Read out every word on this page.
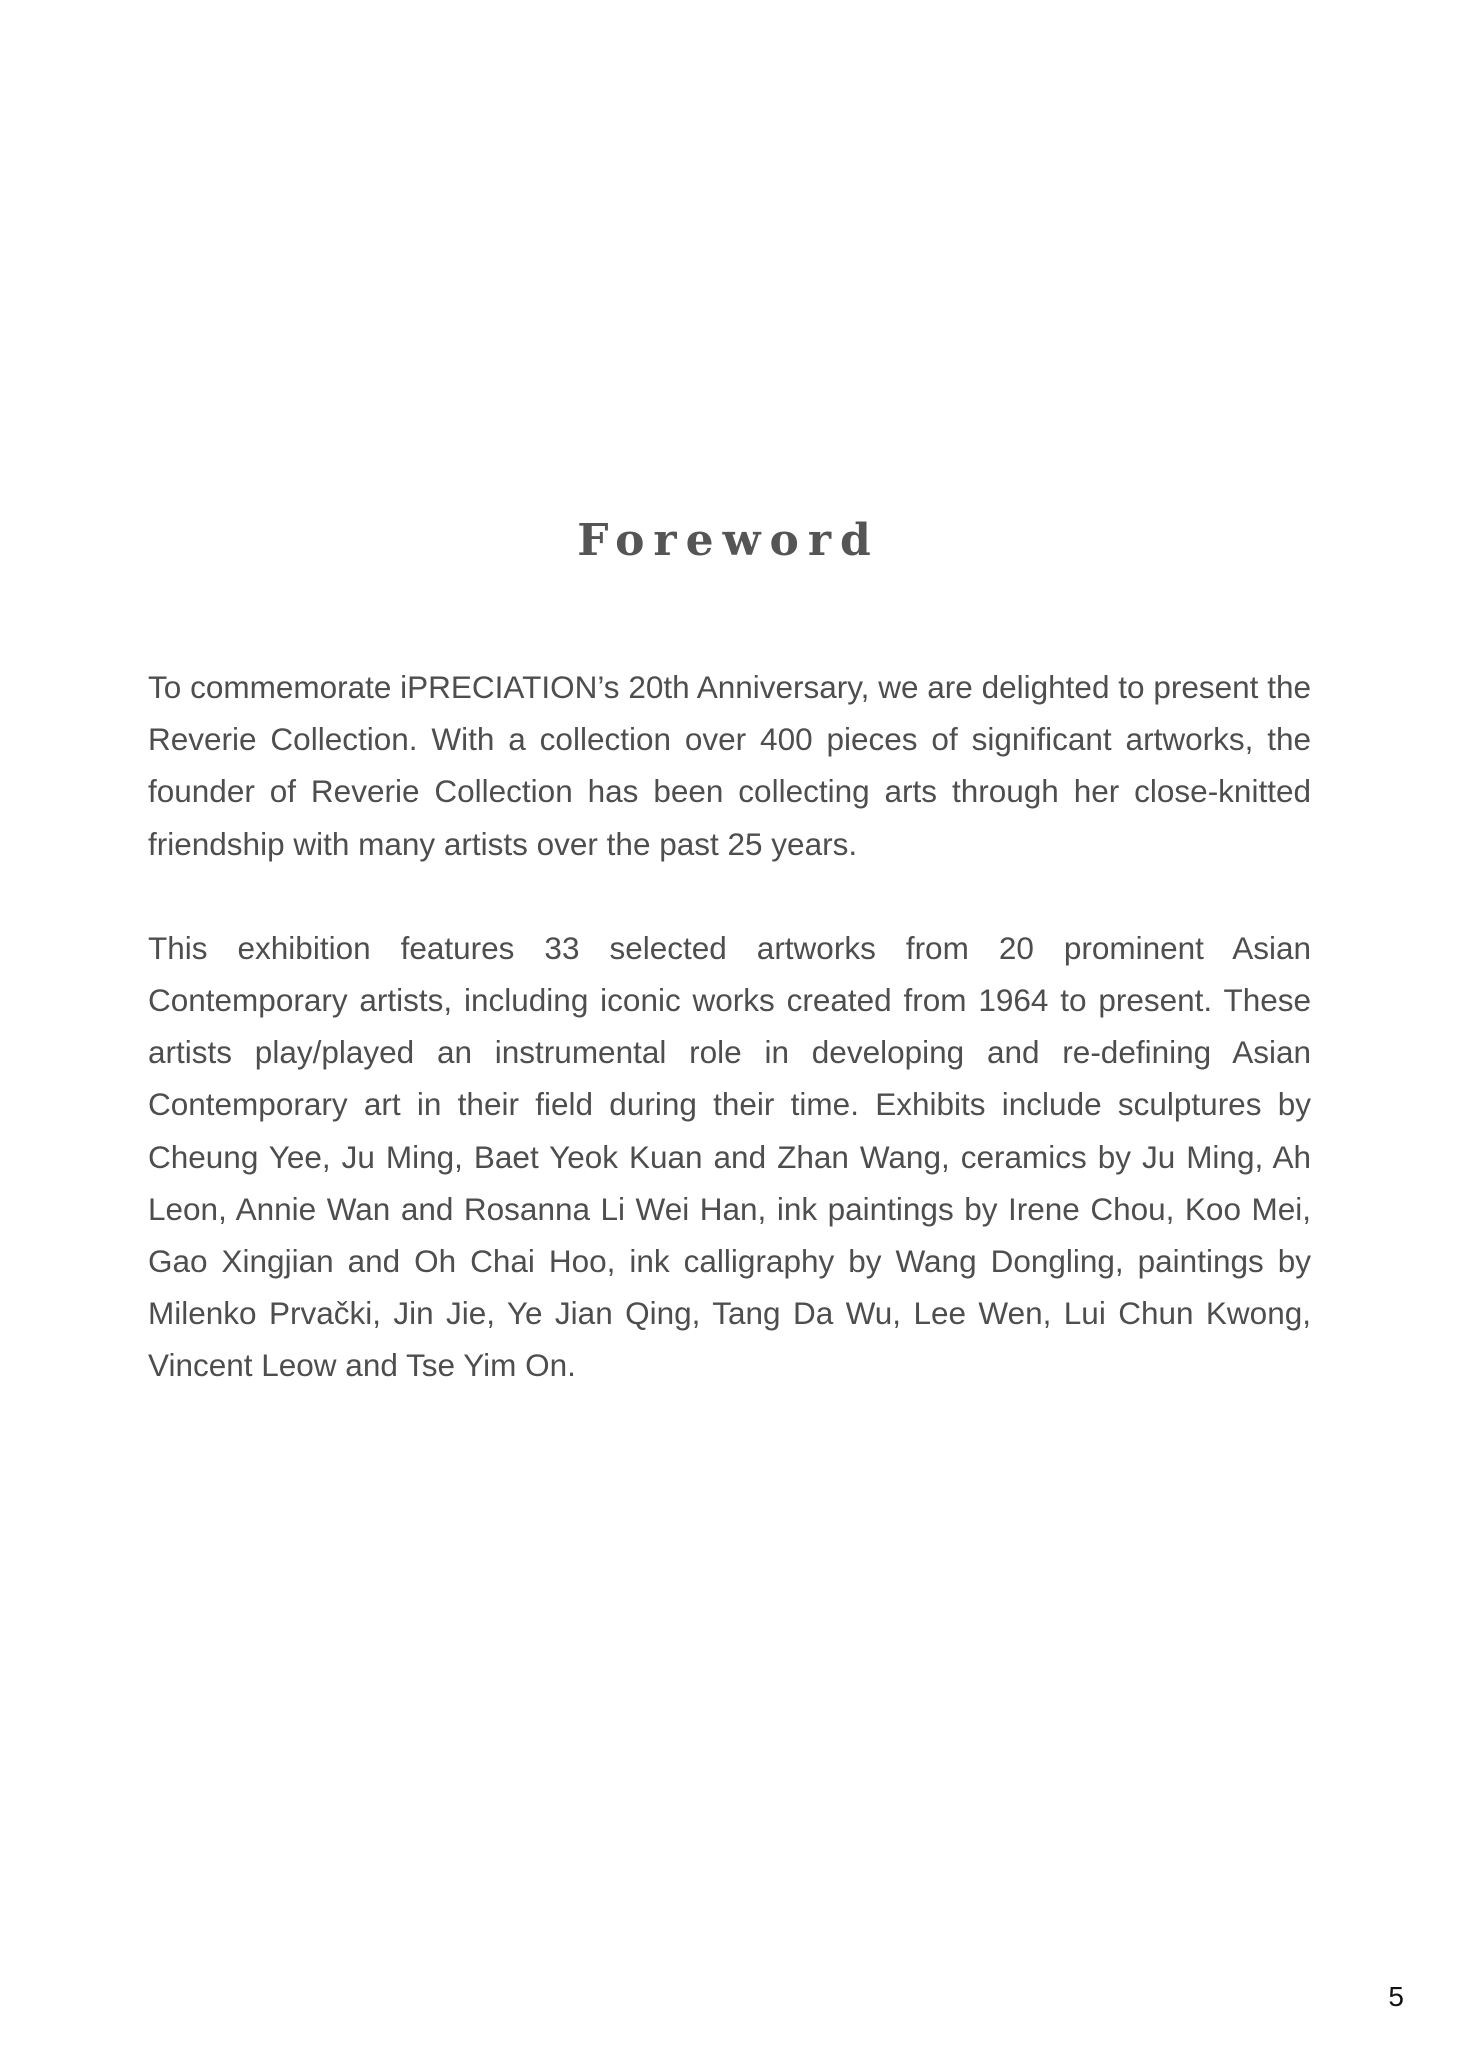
Foreword

To commemorate iPRECIATION’s 20th Anniversary, we are delighted to present the Reverie Collection. With a collection over 400 pieces of significant artworks, the founder of Reverie Collection has been collecting arts through her close-knitted friendship with many artists over the past 25 years.

This exhibition features 33 selected artworks from 20 prominent Asian Contemporary artists, including iconic works created from 1964 to present. These artists play/played an instrumental role in developing and re-defining Asian Contemporary art in their field during their time. Exhibits include sculptures by Cheung Yee, Ju Ming, Baet Yeok Kuan and Zhan Wang, ceramics by Ju Ming, Ah Leon, Annie Wan and Rosanna Li Wei Han, ink paintings by Irene Chou, Koo Mei, Gao Xingjian and Oh Chai Hoo, ink calligraphy by Wang Dongling, paintings by Milenko Prvački, Jin Jie, Ye Jian Qing, Tang Da Wu, Lee Wen, Lui Chun Kwong, Vincent Leow and Tse Yim On.

5
